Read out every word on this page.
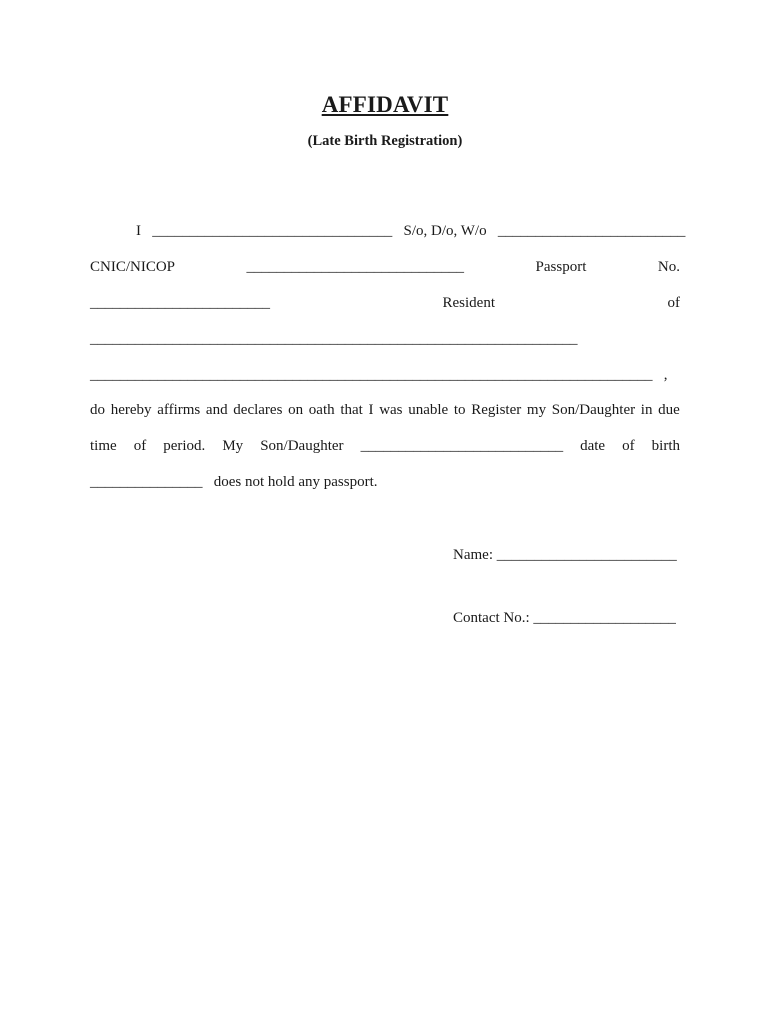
AFFIDAVIT
(Late Birth Registration)
I ________________________________ S/o, D/o, W/o _________________________
CNIC/NICOP	_____________________________	Passport	No.
________________________	Resident	of
_________________________________________________________________
___________________________________________________________________________ ,
do hereby affirms and declares on oath that I was unable to Register my Son/Daughter in due
time of period. My Son/Daughter ___________________________ date of birth
_______________ does not hold any passport.
Name: ________________________
Contact No.: ___________________
